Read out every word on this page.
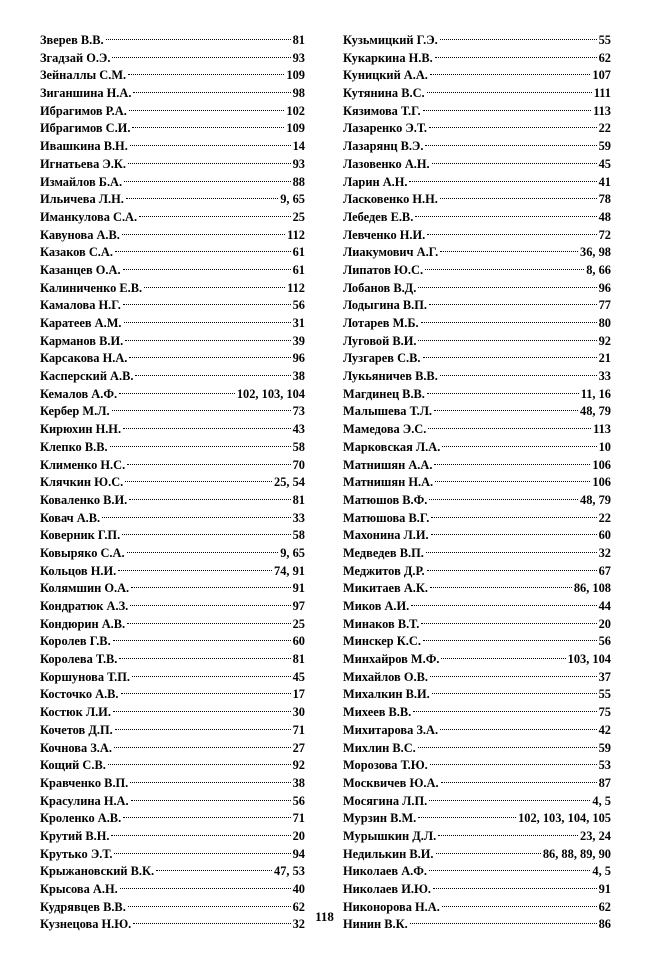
Зверев В.В.	81
Згадзай О.Э.	93
Зейналлы С.М.	109
Зиганшина Н.А.	98
Ибрагимов Р.А.	102
Ибрагимов С.И.	109
Ивашкина В.Н.	14
Игнатьева Э.К.	93
Измайлов Б.А.	88
Ильичева Л.Н.	9, 65
Иманкулова С.А.	25
Кавунова А.В.	112
Казаков С.А.	61
Казанцев О.А.	61
Калиниченко Е.В.	112
Камалова Н.Г.	56
Каратеев А.М.	31
Карманов В.И.	39
Карсакова Н.А.	96
Касперский А.В.	38
Кемалов А.Ф.	102, 103, 104
Кербер М.Л.	73
Кирюхин Н.Н.	43
Клепко В.В.	58
Клименко Н.С.	70
Клячкин Ю.С.	25, 54
Коваленко В.И.	81
Ковач А.В.	33
Коверник Г.П.	58
Ковыряко С.А.	9, 65
Кольцов Н.И.	74, 91
Колямшин О.А.	91
Кондратюк А.З.	97
Кондюрин А.В.	25
Королев Г.В.	60
Королева Т.В.	81
Коршунова Т.П.	45
Косточко А.В.	17
Костюк Л.И.	30
Кочетов Д.П.	71
Кочнова З.А.	27
Кощий С.В.	92
Кравченко В.П.	38
Красулина Н.А.	56
Кроленко А.В.	71
Крутий В.Н.	20
Крутько Э.Т.	94
Крыжановский В.К.	47, 53
Крысова А.Н.	40
Кудрявцев В.В.	62
Кузнецова Н.Ю.	32
Кузьмицкий Г.Э.	55
Кукаркина Н.В.	62
Куницкий А.А.	107
Кутянина В.С.	111
Кязимова Т.Г.	113
Лазаренко Э.Т.	22
Лазарянц В.Э.	59
Лазовенко А.Н.	45
Ларин А.Н.	41
Ласковенко Н.Н.	78
Лебедев Е.В.	48
Левченко Н.И.	72
Лиакумович А.Г.	36, 98
Липатов Ю.С.	8, 66
Лобанов В.Д.	96
Лодыгина В.П.	77
Лотарев М.Б.	80
Луговой В.И.	92
Лузгарев С.В.	21
Лукьяничев В.В.	33
Магдинец В.В.	11, 16
Малышева Т.Л.	48, 79
Мамедова Э.С.	113
Марковская Л.А.	10
Матнишян А.А.	106
Матнишян Н.А.	106
Матюшов В.Ф.	48, 79
Матюшова В.Г.	22
Махонина Л.И.	60
Медведев В.П.	32
Меджитов Д.Р.	67
Микитаев А.К.	86, 108
Миков А.И.	44
Минаков В.Т.	20
Минскер К.С.	56
Минхайров М.Ф.	103, 104
Михайлов О.В.	37
Михалкин В.И.	55
Михеев В.В.	75
Михитарова З.А.	42
Михлин В.С.	59
Морозова Т.Ю.	53
Москвичев Ю.А.	87
Мосягина Л.П.	4, 5
Мурзин В.М.	102, 103, 104, 105
Мурышкин Д.Л.	23, 24
Недилькин В.И.	86, 88, 89, 90
Николаев А.Ф.	4, 5
Николаев И.Ю.	91
Никонорова Н.А.	62
Нинин В.К.	86
118
